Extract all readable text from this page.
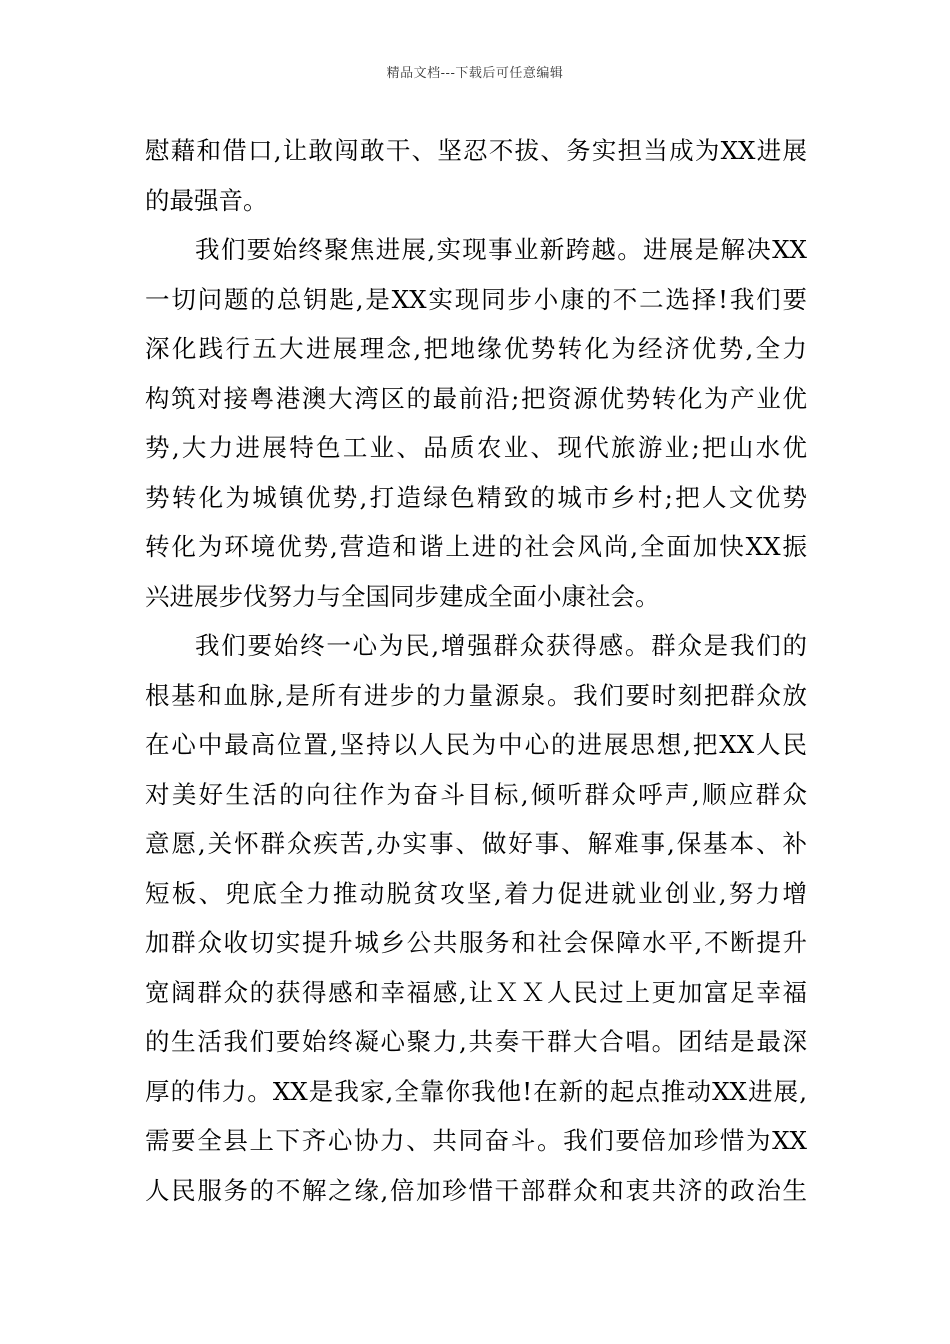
精品文档---下载后可任意编辑
慰藉和借口,让敢闯敢干、坚忍不拔、务实担当成为XX进展
的最强音。
我们要始终聚焦进展,实现事业新跨越。进展是解决XX
一切问题的总钥匙,是XX实现同步小康的不二选择!我们要
深化践行五大进展理念,把地缘优势转化为经济优势,全力
构筑对接粤港澳大湾区的最前沿;把资源优势转化为产业优
势,大力进展特色工业、品质农业、现代旅游业;把山水优
势转化为城镇优势,打造绿色精致的城市乡村;把人文优势
转化为环境优势,营造和谐上进的社会风尚,全面加快XX振
兴进展步伐努力与全国同步建成全面小康社会。
我们要始终一心为民,增强群众获得感。群众是我们的
根基和血脉,是所有进步的力量源泉。我们要时刻把群众放
在心中最高位置,坚持以人民为中心的进展思想,把XX人民
对美好生活的向往作为奋斗目标,倾听群众呼声,顺应群众
意愿,关怀群众疾苦,办实事、做好事、解难事,保基本、补
短板、兜底全力推动脱贫攻坚,着力促进就业创业,努力增
加群众收切实提升城乡公共服务和社会保障水平,不断提升
宽阔群众的获得感和幸福感,让ＸＸ人民过上更加富足幸福
的生活我们要始终凝心聚力,共奏干群大合唱。团结是最深
厚的伟力。XX是我家,全靠你我他!在新的起点推动XX进展,
需要全县上下齐心协力、共同奋斗。我们要倍加珍惜为XX
人民服务的不解之缘,倍加珍惜干部群众和衷共济的政治生
